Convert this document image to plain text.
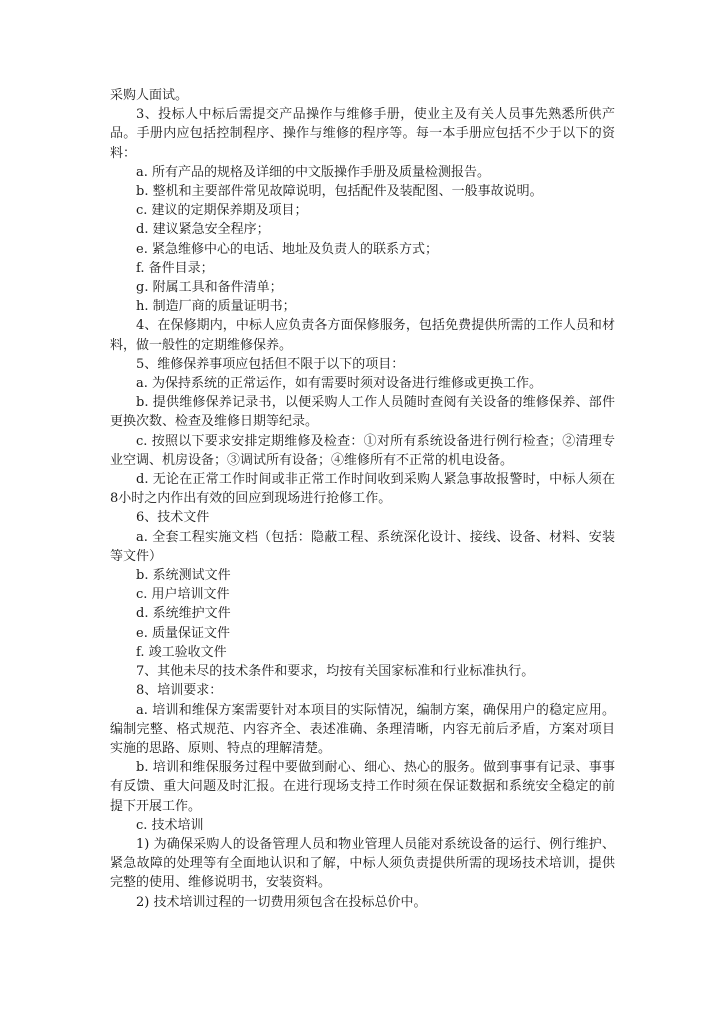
采购人面试。

3、投标人中标后需提交产品操作与维修手册，使业主及有关人员事先熟悉所供产品。手册内应包括控制程序、操作与维修的程序等。每一本手册应包括不少于以下的资料：

a. 所有产品的规格及详细的中文版操作手册及质量检测报告。

b. 整机和主要部件常见故障说明，包括配件及装配图、一般事故说明。

c. 建议的定期保养期及项目；

d. 建议紧急安全程序；

e. 紧急维修中心的电话、地址及负责人的联系方式；

f. 备件目录；

g. 附属工具和备件清单；

h. 制造厂商的质量证明书；

4、在保修期内，中标人应负责各方面保修服务，包括免费提供所需的工作人员和材料，做一般性的定期维修保养。

5、维修保养事项应包括但不限于以下的项目：

a. 为保持系统的正常运作，如有需要时须对设备进行维修或更换工作。

b. 提供维修保养记录书，以便采购人工作人员随时查阅有关设备的维修保养、部件更换次数、检查及维修日期等纪录。

c. 按照以下要求安排定期维修及检查：①对所有系统设备进行例行检查；②清理专业空调、机房设备；③调试所有设备；④维修所有不正常的机电设备。

d. 无论在正常工作时间或非正常工作时间收到采购人紧急事故报警时，中标人须在8小时之内作出有效的回应到现场进行抢修工作。

6、技术文件

a. 全套工程实施文档（包括：隐蔽工程、系统深化设计、接线、设备、材料、安装等文件）

b. 系统测试文件

c. 用户培训文件

d. 系统维护文件

e. 质量保证文件

f. 竣工验收文件

7、其他未尽的技术条件和要求，均按有关国家标准和行业标准执行。

8、培训要求：

a. 培训和维保方案需要针对本项目的实际情况，编制方案，确保用户的稳定应用。编制完整、格式规范、内容齐全、表述准确、条理清晰，内容无前后矛盾，方案对项目实施的思路、原则、特点的理解清楚。

b. 培训和维保服务过程中要做到耐心、细心、热心的服务。做到事事有记录、事事有反馈、重大问题及时汇报。在进行现场支持工作时须在保证数据和系统安全稳定的前提下开展工作。

c. 技术培训

1) 为确保采购人的设备管理人员和物业管理人员能对系统设备的运行、例行维护、紧急故障的处理等有全面地认识和了解，中标人须负责提供所需的现场技术培训，提供完整的使用、维修说明书，安装资料。

2) 技术培训过程的一切费用须包含在投标总价中。
